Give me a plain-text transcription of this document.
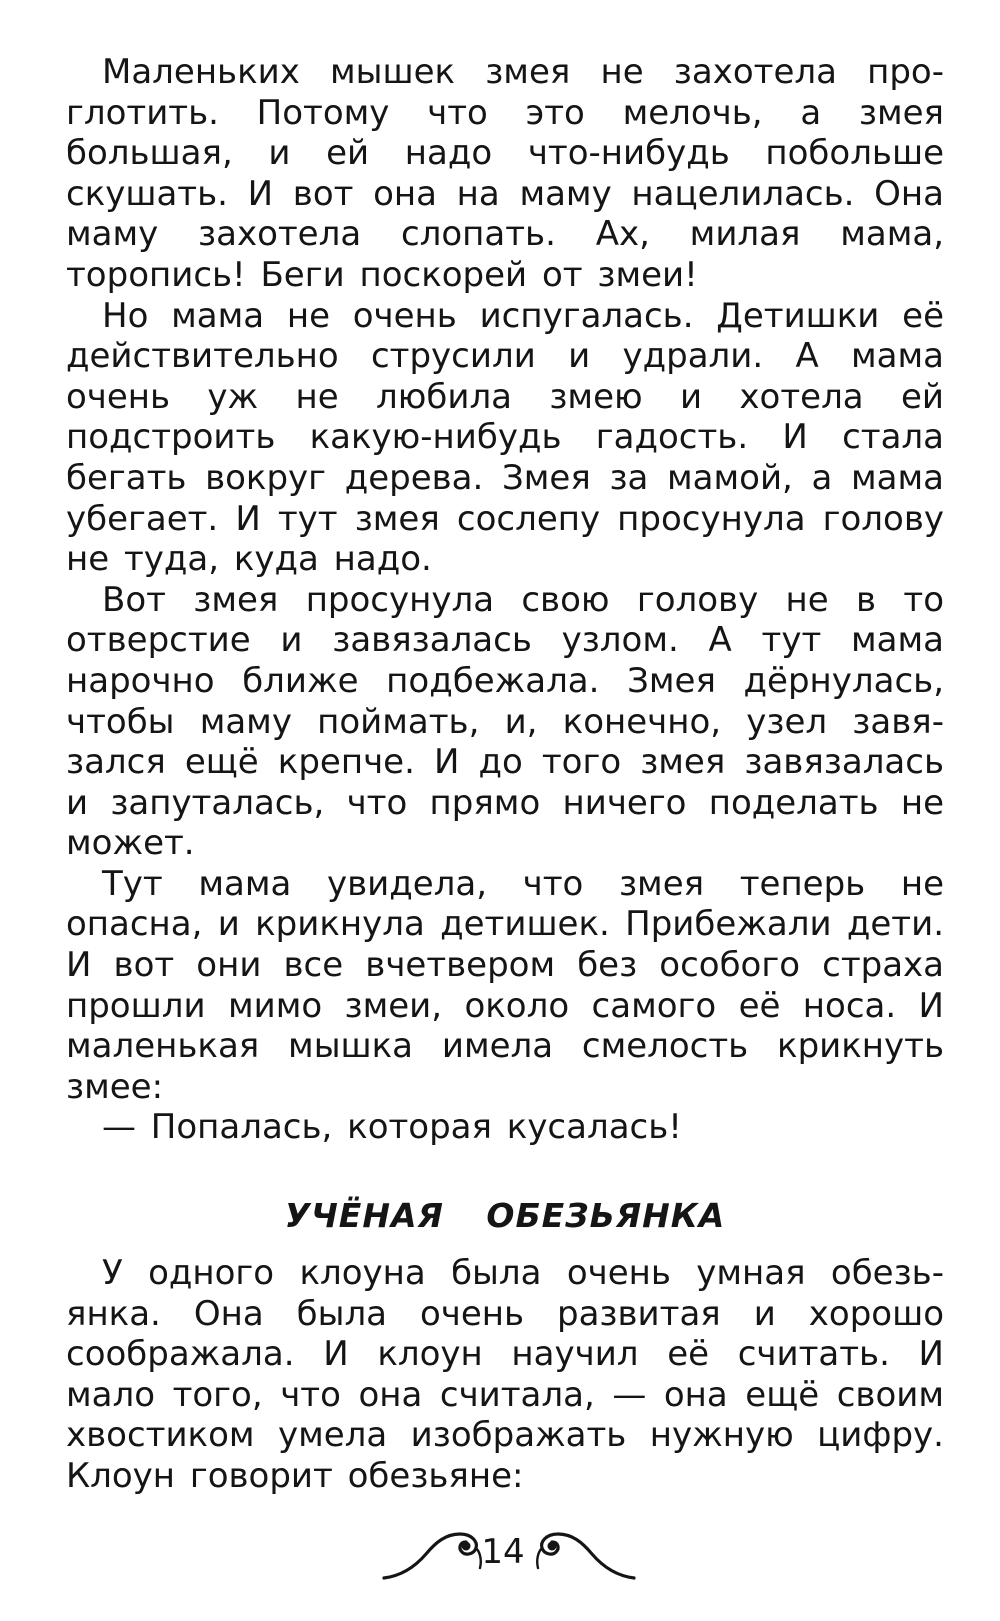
Маленьких мышек змея не захотела проглотить. Потому что это мелочь, а змея большая, и ей надо что-нибудь побольше скушать. И вот она на маму нацелилась. Она маму захотела слопать. Ах, милая мама, торопись! Беги поскорей от змеи!

Но мама не очень испугалась. Детишки её действительно струсили и удрали. А мама очень уж не любила змею и хотела ей подстроить какую-нибудь гадость. И стала бегать вокруг дерева. Змея за мамой, а мама убегает. И тут змея сослепу просунула голову не туда, куда надо.

Вот змея просунула свою голову не в то отверстие и завязалась узлом. А тут мама нарочно ближе подбежала. Змея дёрнулась, чтобы маму поймать, и, конечно, узел завязался ещё крепче. И до того змея завязалась и запуталась, что прямо ничего поделать не может.

Тут мама увидела, что змея теперь не опасна, и крикнула детишек. Прибежали дети. И вот они все вчетвером без особого страха прошли мимо змеи, около самого её носа. И маленькая мышка имела смелость крикнуть змее:

— Попалась, которая кусалась!

УЧЁНАЯ ОБЕЗЬЯНКА

У одного клоуна была очень умная обезьянка. Она была очень развитая и хорошо соображала. И клоун научил её считать. И мало того, что она считала, — она ещё своим хвостиком умела изображать нужную цифру. Клоун говорит обезьяне:

14
